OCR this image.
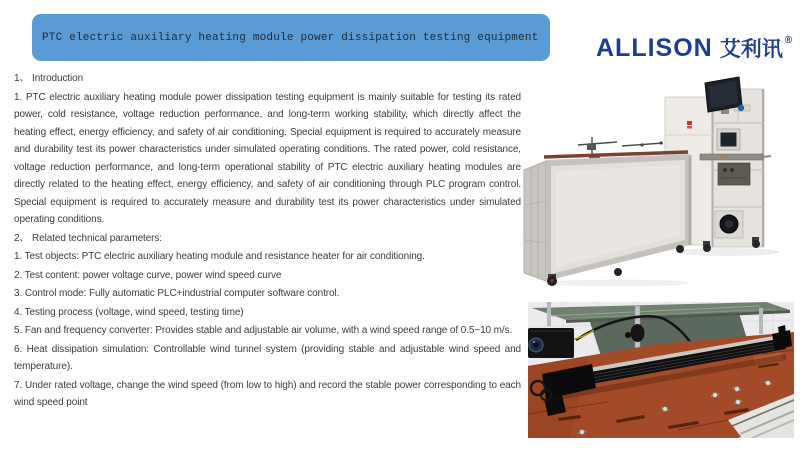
PTC electric auxiliary heating module power dissipation testing equipment ALLISON 艾利讯 ®

1、 Introduction

1. PTC electric auxiliary heating module power dissipation testing equipment is mainly suitable for testing its rated power, cold resistance, voltage reduction performance, and long-term working stability, which directly affect the heating effect, energy efficiency, and safety of air conditioning. Special equipment is required to accurately measure and durability test its power characteristics under simulated operating conditions. The rated power, cold resistance, voltage reduction performance, and long-term operational stability of PTC electric auxiliary heating modules are directly related to the heating effect, energy efficiency, and safety of air conditioning through PLC program control. Special equipment is required to accurately measure and durability test its power characteristics under simulated operating conditions.

2、 Related technical parameters:

1. Test objects: PTC electric auxiliary heating module and resistance heater for air conditioning.

2. Test content: power voltage curve, power wind speed curve

3. Control mode: Fully automatic PLC+industrial computer software control.

4. Testing process (voltage, wind speed, testing time)

5. Fan and frequency converter: Provides stable and adjustable air volume, with a wind speed range of 0.5~10 m/s.

6. Heat dissipation simulation: Controllable wind tunnel system (providing stable and adjustable wind speed and temperature).

7. Under rated voltage, change the wind speed (from low to high) and record the stable power corresponding to each wind speed point
